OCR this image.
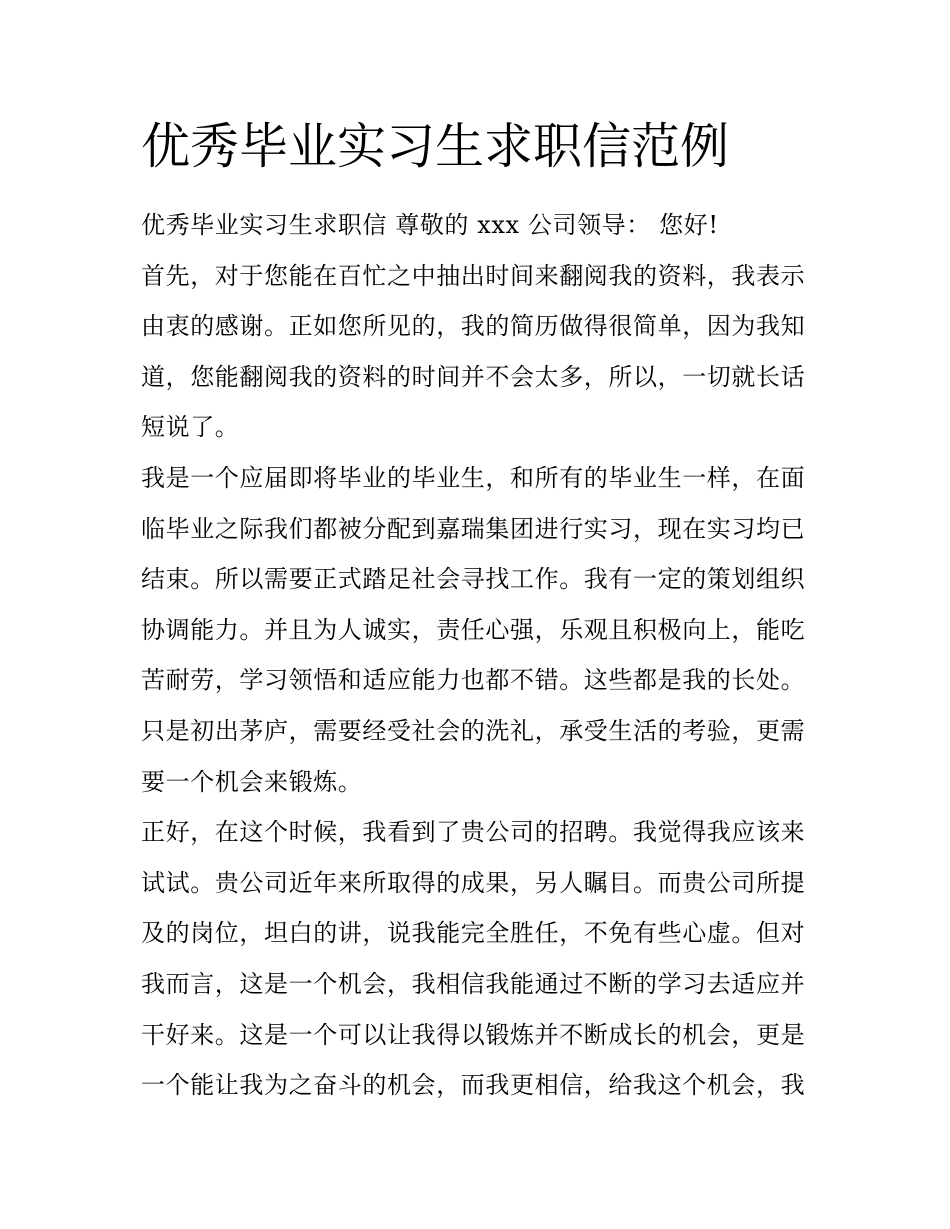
优秀毕业实习生求职信范例

优秀毕业实习生求职信 尊敬的 xxx 公司领导： 您好!

首先，对于您能在百忙之中抽出时间来翻阅我的资料，我表示
由衷的感谢。正如您所见的，我的简历做得很简单，因为我知
道，您能翻阅我的资料的时间并不会太多，所以，一切就长话
短说了。

我是一个应届即将毕业的毕业生，和所有的毕业生一样，在面
临毕业之际我们都被分配到嘉瑞集团进行实习，现在实习均已
结束。所以需要正式踏足社会寻找工作。我有一定的策划组织
协调能力。并且为人诚实，责任心强，乐观且积极向上，能吃
苦耐劳，学习领悟和适应能力也都不错。这些都是我的长处。
只是初出茅庐，需要经受社会的洗礼，承受生活的考验，更需
要一个机会来锻炼。

正好，在这个时候，我看到了贵公司的招聘。我觉得我应该来
试试。贵公司近年来所取得的成果，另人瞩目。而贵公司所提
及的岗位，坦白的讲，说我能完全胜任，不免有些心虚。但对
我而言，这是一个机会，我相信我能通过不断的学习去适应并
干好来。这是一个可以让我得以锻炼并不断成长的机会，更是
一个能让我为之奋斗的机会，而我更相信，给我这个机会，我
